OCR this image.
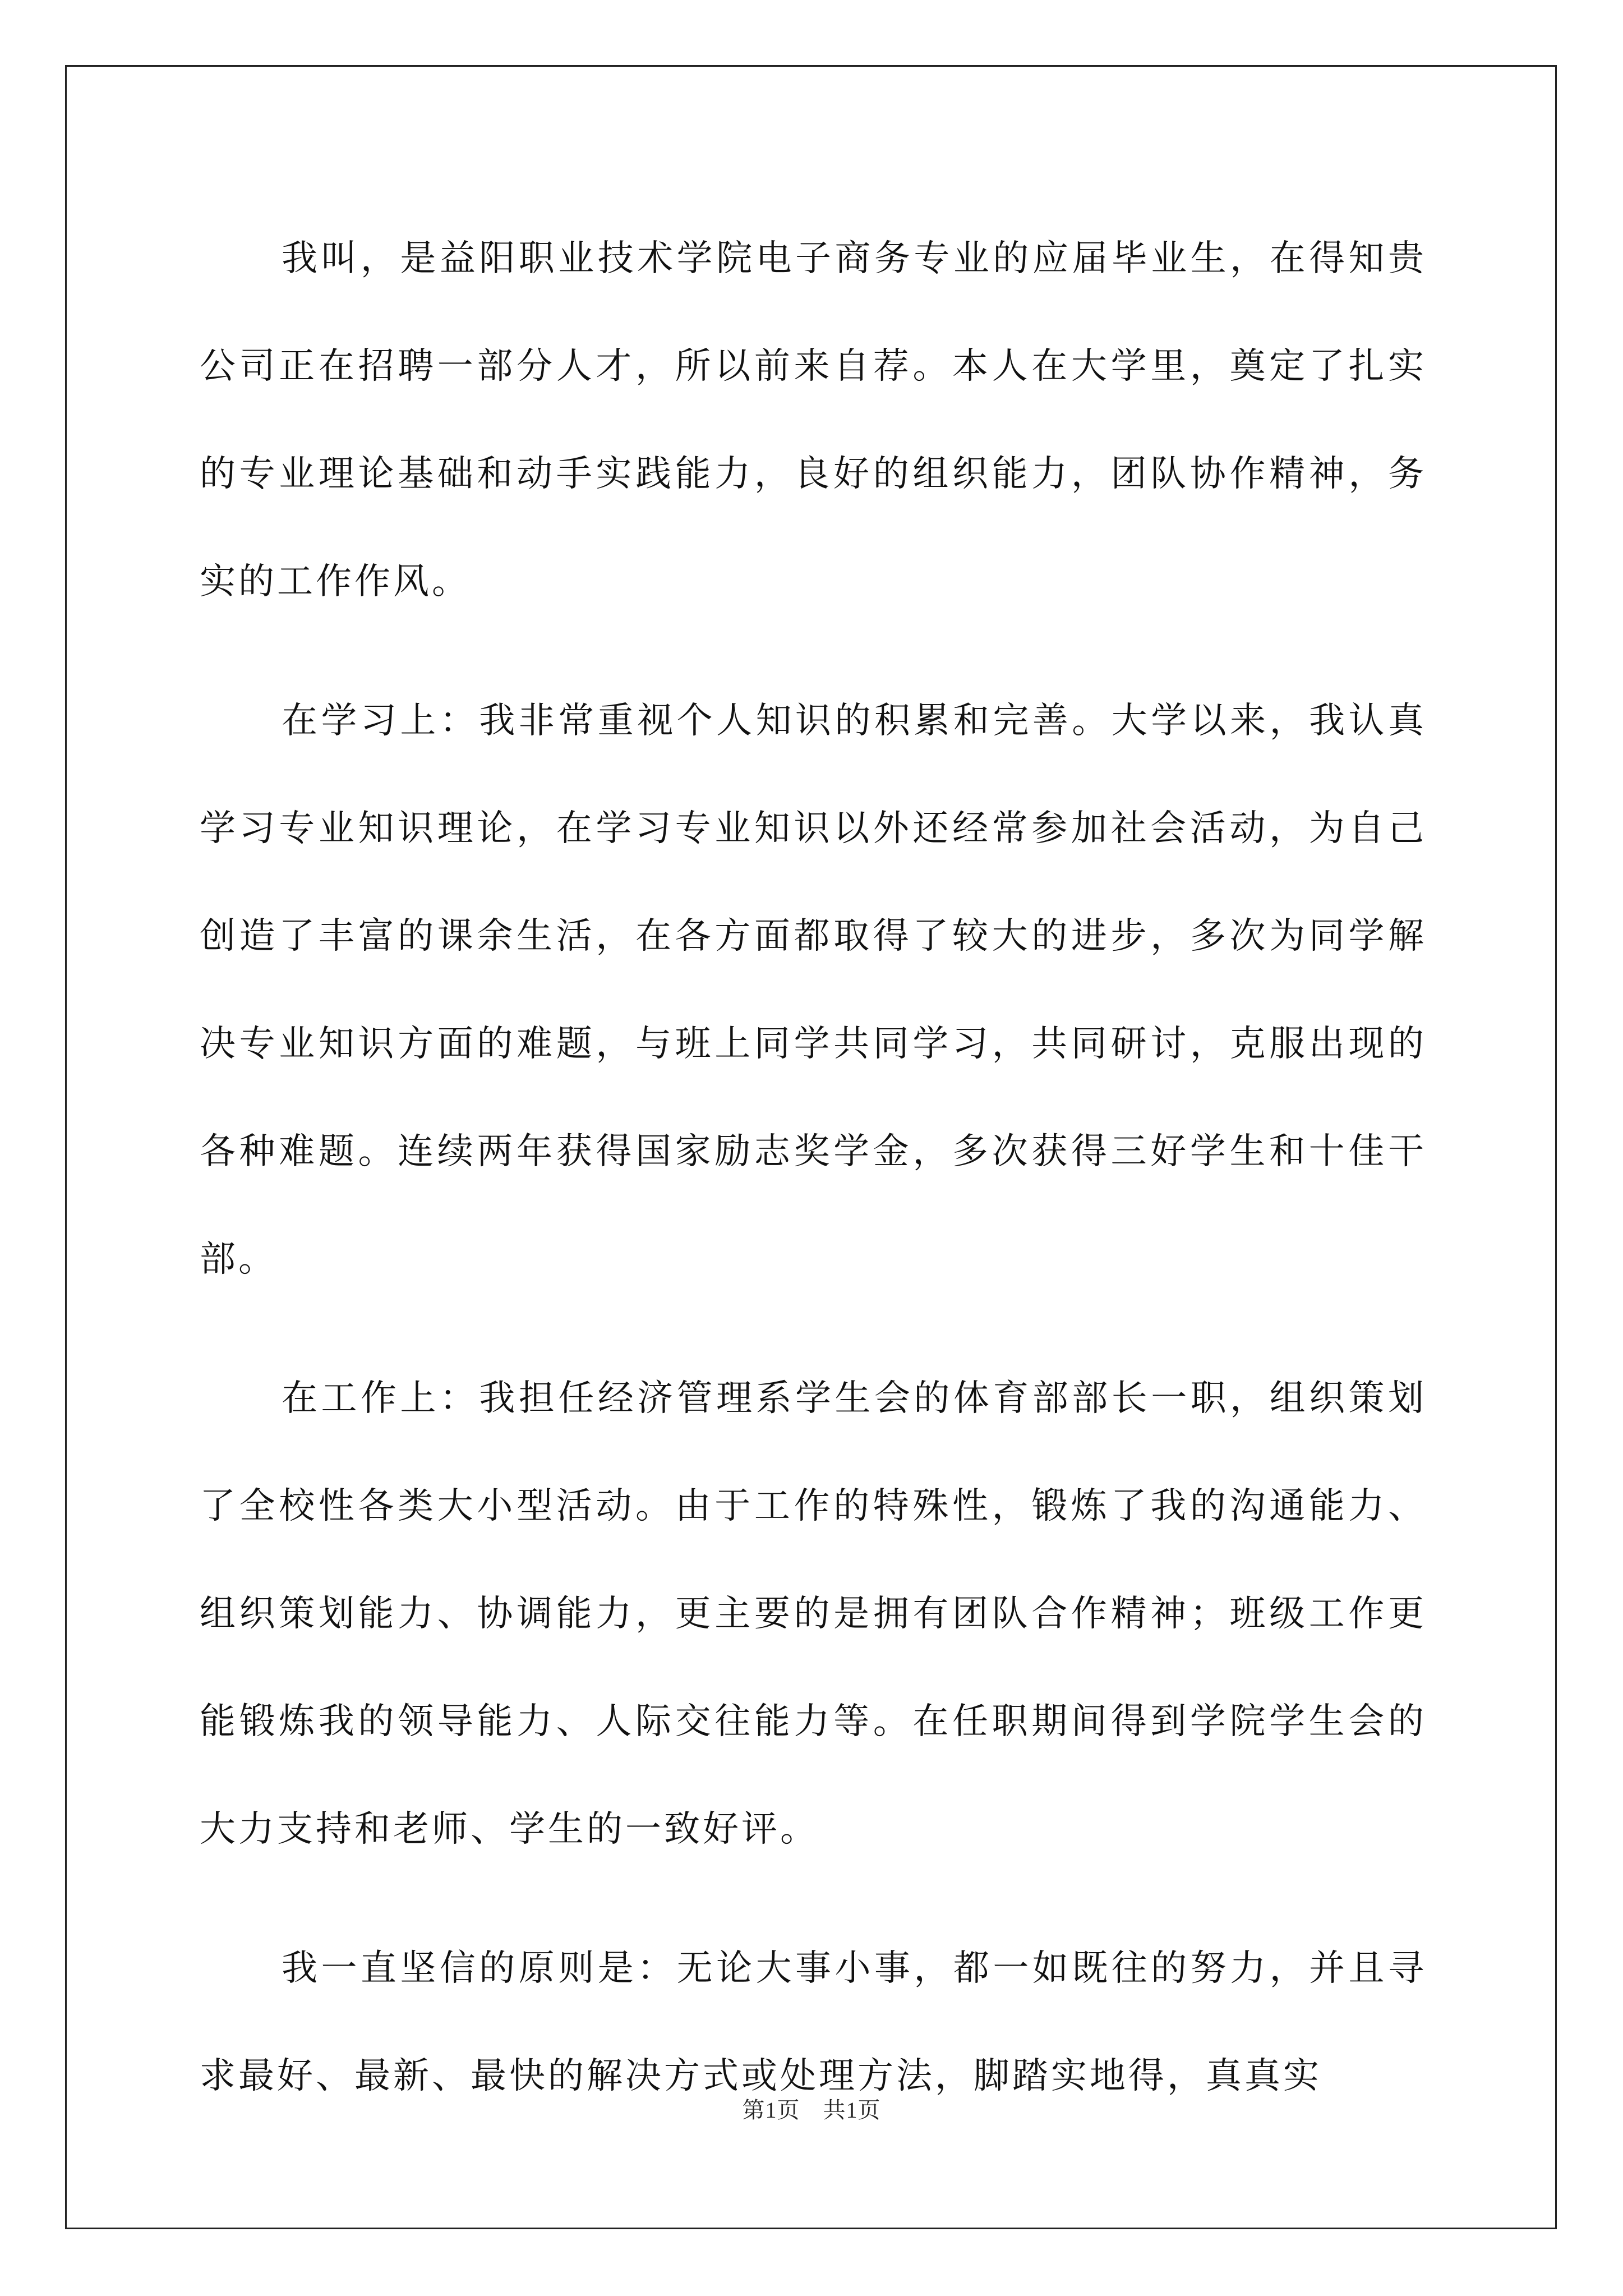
我叫，是益阳职业技术学院电子商务专业的应届毕业生，在得知贵公司正在招聘一部分人才，所以前来自荐。本人在大学里，奠定了扎实的专业理论基础和动手实践能力，良好的组织能力，团队协作精神，务实的工作作风。

在学习上：我非常重视个人知识的积累和完善。大学以来，我认真学习专业知识理论，在学习专业知识以外还经常参加社会活动，为自己创造了丰富的课余生活，在各方面都取得了较大的进步，多次为同学解决专业知识方面的难题，与班上同学共同学习，共同研讨，克服出现的各种难题。连续两年获得国家励志奖学金，多次获得三好学生和十佳干部。

在工作上：我担任经济管理系学生会的体育部部长一职，组织策划了全校性各类大小型活动。由于工作的特殊性，锻炼了我的沟通能力、组织策划能力、协调能力，更主要的是拥有团队合作精神；班级工作更能锻炼我的领导能力、人际交往能力等。在任职期间得到学院学生会的大力支持和老师、学生的一致好评。

我一直坚信的原则是：无论大事小事，都一如既往的努力，并且寻求最好、最新、最快的解决方式或处理方法，脚踏实地得，真真实

第1页　共1页
